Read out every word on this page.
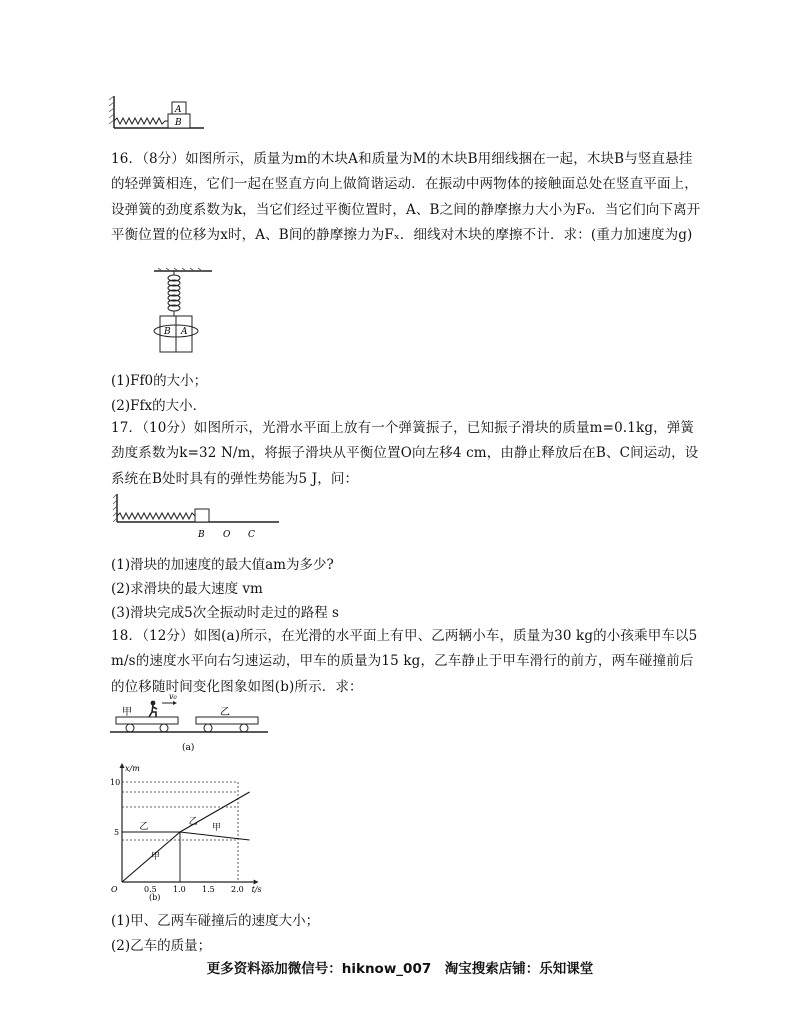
A
B
16．（8分）如图所示，质量为m的木块A和质量为M的木块B用细线捆在一起，木块B与竖直悬挂的轻弹簧相连，它们一起在竖直方向上做简谐运动．在振动中两物体的接触面总处在竖直平面上，设弹簧的劲度系数为k，当它们经过平衡位置时，A、B之间的静摩擦力大小为F₀．当它们向下离开平衡位置的位移为x时，A、B间的静摩擦力为Fₓ．细线对木块的摩擦不计．求：(重力加速度为g)
B A
(1)Ff0的大小；
(2)Ffx的大小．
17．（10分）如图所示，光滑水平面上放有一个弹簧振子，已知振子滑块的质量m=0.1kg，弹簧劲度系数为k=32 N/m，将振子滑块从平衡位置O向左移4 cm，由静止释放后在B、C间运动，设系统在B处时具有的弹性势能为5 J，问：
B O C
(1)滑块的加速度的最大值am为多少?
(2)求滑块的最大速度 vm
(3)滑块完成5次全振动时走过的路程 s
18．（12分）如图(a)所示，在光滑的水平面上有甲、乙两辆小车，质量为30 kg的小孩乘甲车以5 m/s的速度水平向右匀速运动，甲车的质量为15 kg，乙车静止于甲车滑行的前方，两车碰撞前后的位移随时间变化图象如图(b)所示．求：
v₀
甲	乙
(a)
乙
甲
乙
甲
0.5 1.0 1.5 2.0
5
10
O	t/s
x/m
(b)
(1)甲、乙两车碰撞后的速度大小；
(2)乙车的质量；
更多资料添加微信号：hiknow_007　淘宝搜索店铺：乐知课堂
